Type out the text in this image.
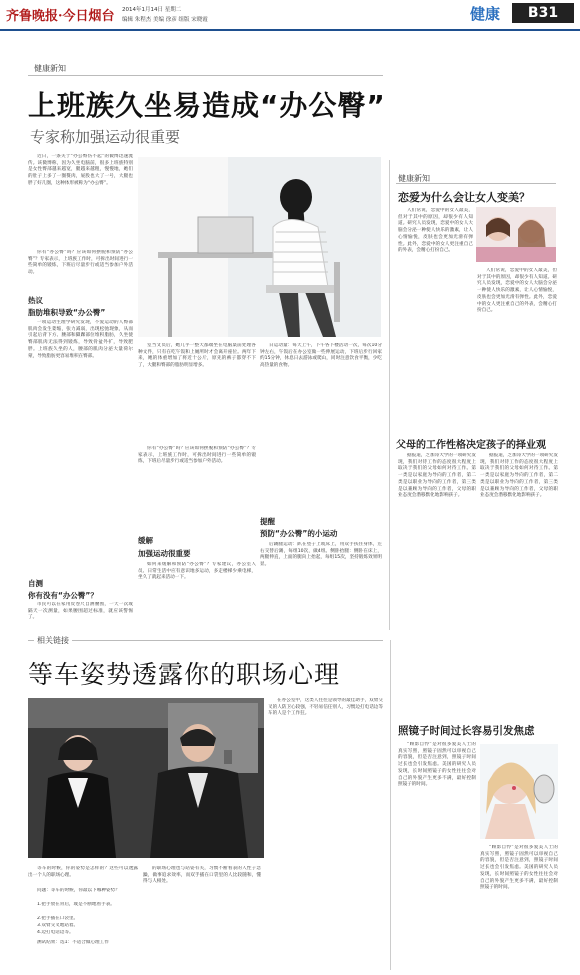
齐鲁晚报·今日烟台 2014年1月14日 星期二
编辑 朱程杰 美编 徐彦 组版 宋晓霞	健康	B31
健康新知
上班族久坐易造成“办公臀”
专家称加强运动很重要
近日，一条关于“办公臀伤不起”的微博迅速流传。该微博称，因为久坐电脑前，很多上班族特别是女性臀部越来越宽，腿越来越粗，慢慢地，她们的肚子上多了一圈赘肉，屁股也大了一号，大腿也胖了好几圈，这种体形被称为“办公臀”。
你有“办公臀”吗？应该如何摆脱和预防“办公臀”？专家表示，上班族工作时，可拆出时间进行一些简单的锻炼，下班后尽量步行或适当参加户外活动。
热议
脂肪堆积导致“办公臀”
一项运动生理学研究发现，不爱运动的人臀部肌肉会发生萎缩，张力减弱，出现松弛现象，从而引起后背下方、腰部和脚踝部位堆积脂肪，久坐使臀部肌肉无法得到锻炼，导致骨盆外扩，导致肥胖。上班族久坐的人，腰部的肌肉分泌大量荷尔蒙，导致脂肪更容易堆积在臀部。
自测
你有没有“办公臀”？
市民可以在家用皮卷尺自测腰围，一天一次或隔天一次测量，如果腰围超过标准，就应该警惕了。
室当文员后，她几乎一整天都端坐在电脑桌前处理各种文件，只有在吃午饭和上厕所时才会离开座位。两年下来，她的体重增加了将近十公斤，原先的裤子都穿不下了，大腿和臀部的脂肪明显增多。
你有“办公臀”吗？应该如何摆脱和预防“办公臀”？专家表示，上班族工作时，可拆出时间进行一些简单的锻炼，下班后尽量步行或适当参加户外活动。
缓解
加强运动很重要
如何来缓解和预防“办公臀”？专家建议，办公室人员、日常生活中应有意识地多运动，多走楼梯少乘电梯，坐久了就起来活动一下。
日运动量：每天上午，下午各下楼活动一次，每次10分钟左右，午饭后在办公室做一些伸展运动，下班后步行回家约15分钟，休息日去游泳或爬山，同时注意饮食平衡，少吃高热量的食物。
提醒
预防“办公臀”的小运动
后踢腿运动：趴在垫子上或床上，用双手扶住身体，左右交替后踢，每组10次，做4组。侧卧抬腿：侧卧在床上，两腿伸直，上面的腿向上抬起，每组15次，坚持锻炼效果明显。
健康新知
恋爱为什么会让女人变美？
人们常说，恋爱中的女人最美，但对于其中的原因，却很少有人知道。研究人员发现，恋爱中的女人大脑会分泌一种使人快乐的激素，让人心情愉悦，皮肤也会更加光滑有弹性。此外，恋爱中的女人更注重自己的外表，会精心打扮自己。
人们常说，恋爱中的女人最美，但对于其中的原因，却很少有人知道。研究人员发现，恋爱中的女人大脑会分泌一种使人快乐的激素，让人心情愉悦，皮肤也会更加光滑有弹性。此外，恋爱中的女人更注重自己的外表，会精心打扮自己。
父母的工作性格决定孩子的择业观
据报道，芝加哥大学的一项研究发现，我们对待工作的态度很大程度上取决于我们的父母如何对待工作。第一类是以家庭为导向的工作者，第二类是以职业为导向的工作者，第三类是以兼顾为导向的工作者，父母的职业态度会潜移默化地影响孩子。
据报道，芝加哥大学的一项研究发现，我们对待工作的态度很大程度上取决于我们的父母如何对待工作。第一类是以家庭为导向的工作者，第二类是以职业为导向的工作者，第三类是以兼顾为导向的工作者，父母的职业态度会潜移默化地影响孩子。
照镜子时间过长容易引发焦虑
“顾影自怜”是对很多爱美人士的真实写照，照镜子固然可以审视自己的容貌，但是否注意到，照镜子时间过长也会引发焦虑。美国的研究人员发现，长时间照镜子的女性往往会对自己的外貌产生更多不满，最好控制照镜子的时间。
“顾影自怜”是对很多爱美人士的真实写照，照镜子固然可以审视自己的容貌，但是否注意到，照镜子时间过长也会引发焦虑。美国的研究人员发现，长时间照镜子的女性往往会对自己的外貌产生更多不满，最好控制照镜子的时间。
相关链接
等车姿势透露你的职场心理
等车的时候，你的姿势是怎样的？这些可以透露出一个人的职场心理。
问题：等车的时候，你最以下哪种姿势？
1.把手放在背后，或是不断地看手表。
2.把手插在口袋里。
3.双臂交叉地站着。
4.边打电话边等。
测试结果：选1：不适合做心理工作
的职场心理也与站姿有关，习惯不断看表的人性子急躁，做事追求效率，而双手插在口袋里的人比较随和，懂得与人相处。
在办公室中，这类人往往是领导的最佳助手，双臂交叉的人防卫心较强，不轻易信任别人，习惯边打电话边等车的人是个工作狂。
